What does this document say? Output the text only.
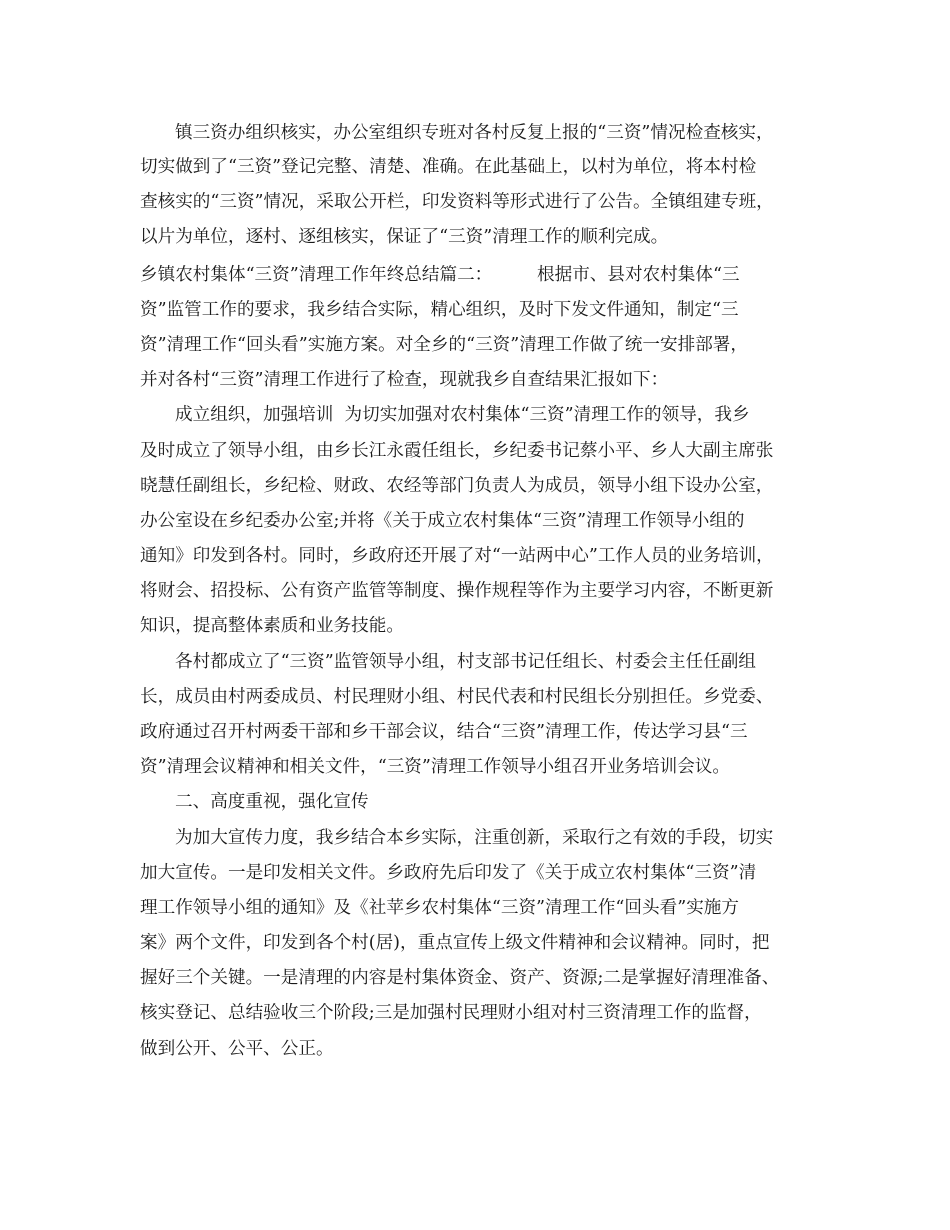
镇三资办组织核实，办公室组织专班对各村反复上报的“三资”情况检查核实，
切实做到了“三资”登记完整、清楚、准确。在此基础上，以村为单位，将本村检
查核实的“三资”情况，采取公开栏，印发资料等形式进行了公告。全镇组建专班，
以片为单位，逐村、逐组核实，保证了“三资”清理工作的顺利完成。
乡镇农村集体“三资”清理工作年终总结篇二：        根据市、县对农村集体“三
资”监管工作的要求，我乡结合实际，精心组织，及时下发文件通知，制定“三
资”清理工作“回头看”实施方案。对全乡的“三资”清理工作做了统一安排部署，
并对各村“三资”清理工作进行了检查，现就我乡自查结果汇报如下：
成立组织，加强培训  为切实加强对农村集体“三资”清理工作的领导，我乡
及时成立了领导小组，由乡长江永霞任组长，乡纪委书记蔡小平、乡人大副主席张
晓慧任副组长，乡纪检、财政、农经等部门负责人为成员，领导小组下设办公室，
办公室设在乡纪委办公室;并将《关于成立农村集体“三资”清理工作领导小组的
通知》印发到各村。同时，乡政府还开展了对“一站两中心”工作人员的业务培训，
将财会、招投标、公有资产监管等制度、操作规程等作为主要学习内容，不断更新
知识，提高整体素质和业务技能。
各村都成立了“三资”监管领导小组，村支部书记任组长、村委会主任任副组
长，成员由村两委成员、村民理财小组、村民代表和村民组长分别担任。乡党委、
政府通过召开村两委干部和乡干部会议，结合“三资”清理工作，传达学习县“三
资”清理会议精神和相关文件，“三资”清理工作领导小组召开业务培训会议。
二、高度重视，强化宣传
为加大宣传力度，我乡结合本乡实际，注重创新，采取行之有效的手段，切实
加大宣传。一是印发相关文件。乡政府先后印发了《关于成立农村集体“三资”清
理工作领导小组的通知》及《社苹乡农村集体“三资”清理工作“回头看”实施方
案》两个文件，印发到各个村(居)，重点宣传上级文件精神和会议精神。同时，把
握好三个关键。一是清理的内容是村集体资金、资产、资源;二是掌握好清理准备、
核实登记、总结验收三个阶段;三是加强村民理财小组对村三资清理工作的监督，
做到公开、公平、公正。
